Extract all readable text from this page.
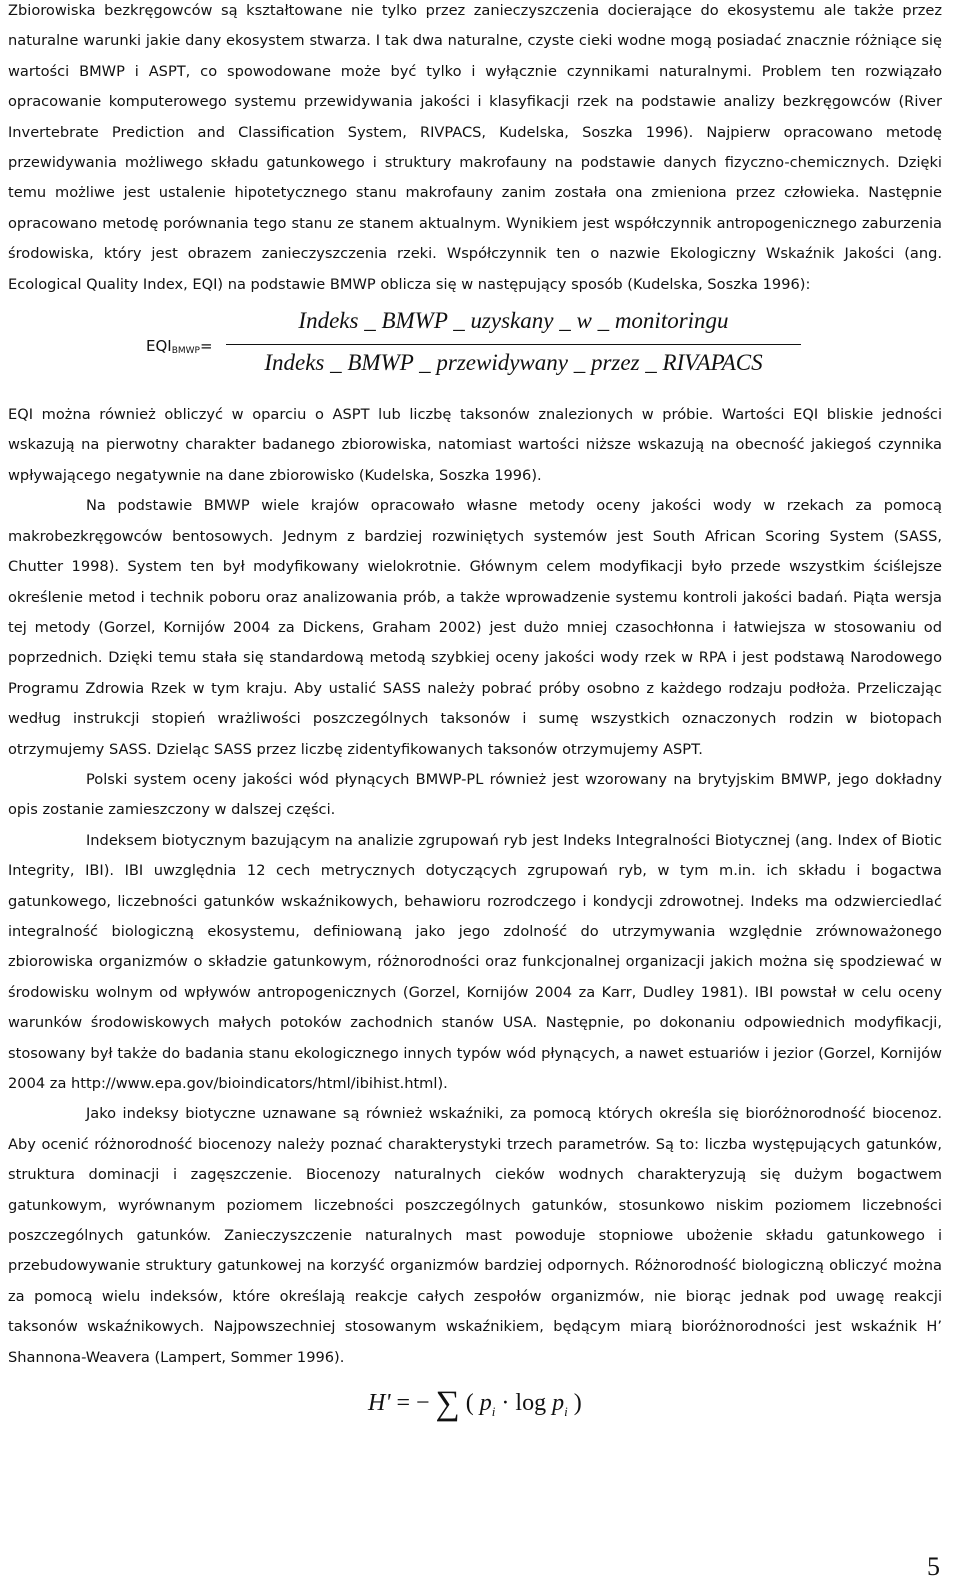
Zbiorowiska bezkręgowców są kształtowane nie tylko przez zanieczyszczenia docierające do ekosystemu ale także przez naturalne warunki jakie dany ekosystem stwarza. I tak dwa naturalne, czyste cieki wodne mogą posiadać znacznie różniące się wartości BMWP i ASPT, co spowodowane może być tylko i wyłącznie czynnikami naturalnymi. Problem ten rozwiązało opracowanie komputerowego systemu przewidywania jakości i klasyfikacji rzek na podstawie analizy bezkręgowców (River Invertebrate Prediction and Classification System, RIVPACS, Kudelska, Soszka 1996). Najpierw opracowano metodę przewidywania możliwego składu gatunkowego i struktury makrofauny na podstawie danych fizyczno-chemicznych. Dzięki temu możliwe jest ustalenie hipotetycznego stanu makrofauny zanim została ona zmieniona przez człowieka. Następnie opracowano metodę porównania tego stanu ze stanem aktualnym. Wynikiem jest współczynnik antropogenicznego zaburzenia środowiska, który jest obrazem zanieczyszczenia rzeki. Współczynnik ten o nazwie Ekologiczny Wskaźnik Jakości (ang. Ecological Quality Index, EQI) na podstawie BMWP oblicza się w następujący sposób (Kudelska, Soszka 1996):

$EQI_{BMWP}=$
Indeks _ BMWP _ uzyskany _ w _ monitoringu
Indeks _ BMWP _ przewidywany _ przez _ RIVAPACS

EQI można również obliczyć w oparciu o ASPT lub liczbę taksonów znalezionych w próbie. Wartości EQI bliskie jedności wskazują na pierwotny charakter badanego zbiorowiska, natomiast wartości niższe wskazują na obecność jakiegoś czynnika wpływającego negatywnie na dane zbiorowisko (Kudelska, Soszka 1996).

Na podstawie BMWP wiele krajów opracowało własne metody oceny jakości wody w rzekach za pomocą makrobezkręgowców bentosowych. Jednym z bardziej rozwiniętych systemów jest South African Scoring System (SASS, Chutter 1998). System ten był modyfikowany wielokrotnie. Głównym celem modyfikacji było przede wszystkim ściślejsze określenie metod i technik poboru oraz analizowania prób, a także wprowadzenie systemu kontroli jakości badań. Piąta wersja tej metody (Gorzel, Kornijów 2004 za Dickens, Graham 2002) jest dużo mniej czasochłonna i łatwiejsza w stosowaniu od poprzednich. Dzięki temu stała się standardową metodą szybkiej oceny jakości wody rzek w RPA i jest podstawą Narodowego Programu Zdrowia Rzek w tym kraju. Aby ustalić SASS należy pobrać próby osobno z każdego rodzaju podłoża. Przeliczając według instrukcji stopień wrażliwości poszczególnych taksonów i sumę wszystkich oznaczonych rodzin w biotopach otrzymujemy SASS. Dzieląc SASS przez liczbę zidentyfikowanych taksonów otrzymujemy ASPT.

Polski system oceny jakości wód płynących BMWP-PL również jest wzorowany na brytyjskim BMWP, jego dokładny opis zostanie zamieszczony w dalszej części.

Indeksem biotycznym bazującym na analizie zgrupowań ryb jest Indeks Integralności Biotycznej (ang. Index of Biotic Integrity, IBI). IBI uwzględnia 12 cech metrycznych dotyczących zgrupowań ryb, w tym m.in. ich składu i bogactwa gatunkowego, liczebności gatunków wskaźnikowych, behawioru rozrodczego i kondycji zdrowotnej. Indeks ma odzwierciedlać integralność biologiczną ekosystemu, definiowaną jako jego zdolność do utrzymywania względnie zrównoważonego zbiorowiska organizmów o składzie gatunkowym, różnorodności oraz funkcjonalnej organizacji jakich można się spodziewać w środowisku wolnym od wpływów antropogenicznych (Gorzel, Kornijów 2004 za Karr, Dudley 1981). IBI powstał w celu oceny warunków środowiskowych małych potoków zachodnich stanów USA. Następnie, po dokonaniu odpowiednich modyfikacji, stosowany był także do badania stanu ekologicznego innych typów wód płynących, a nawet estuariów i jezior (Gorzel, Kornijów 2004 za http://www.epa.gov/bioindicators/html/ibihist.html).

Jako indeksy biotyczne uznawane są również wskaźniki, za pomocą których określa się bioróżnorodność biocenoz. Aby ocenić różnorodność biocenozy należy poznać charakterystyki trzech parametrów. Są to: liczba występujących gatunków, struktura dominacji i zagęszczenie. Biocenozy naturalnych cieków wodnych charakteryzują się dużym bogactwem gatunkowym, wyrównanym poziomem liczebności poszczególnych gatunków, stosunkowo niskim poziomem liczebności poszczególnych gatunków. Zanieczyszczenie naturalnych mast powoduje stopniowe ubożenie składu gatunkowego i przebudowywanie struktury gatunkowej na korzyść organizmów bardziej odpornych. Różnorodność biologiczną obliczyć można za pomocą wielu indeksów, które określają reakcje całych zespołów organizmów, nie biorąc jednak pod uwagę reakcji taksonów wskaźnikowych. Najpowszechniej stosowanym wskaźnikiem, będącym miarą bioróżnorodności jest wskaźnik H’ Shannona-Weavera (Lampert, Sommer 1996).

H' = − ∑ ( $p_i \cdot \log p_i$ )
5
